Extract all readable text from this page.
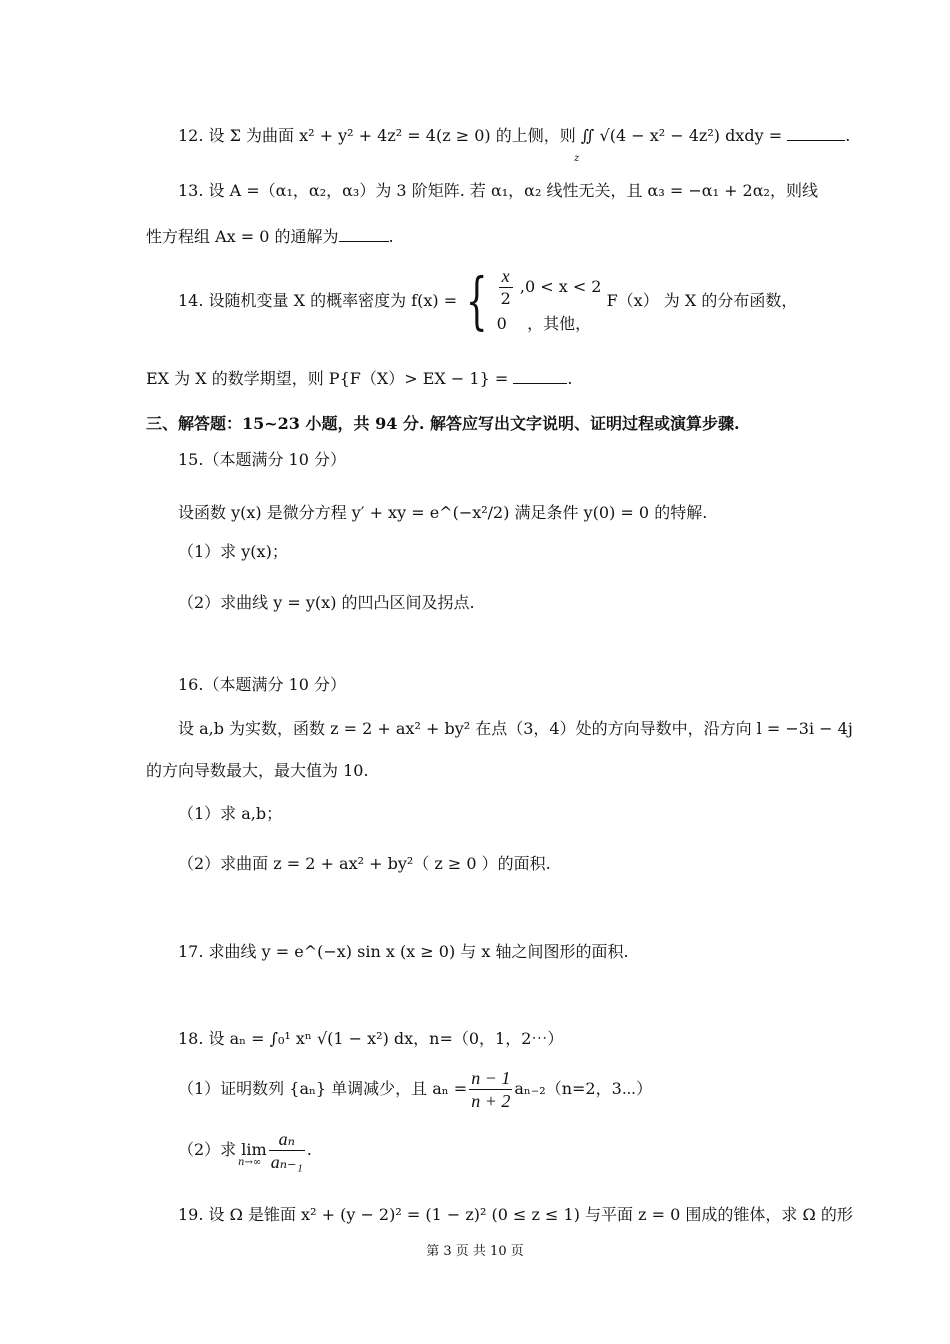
12. 设 Σ 为曲面 x² + y² + 4z² = 4(z ≥ 0) 的上侧，则 ∬ √(4 − x² − 4z²) dxdy =	.
z
13. 设 A =（α₁，α₂，α₃）为 3 阶矩阵. 若 α₁，α₂ 线性无关，且 α₃ = −α₁ + 2α₂，则线
性方程组 Ax = 0 的通解为	.
14.
设随机变量 X 的概率密度为 f(x) = { $\frac{x}{2} ,0 < x < 2$
0 ，其他，

F（x） 为 X 的分布函数，
EX 为 X 的数学期望，则 P{F（X）> EX − 1} =	.
三、解答题：15~23 小题，共 94 分. 解答应写出文字说明、证明过程或演算步骤.
15.（本题满分 10 分）
设函数 y(x) 是微分方程 y′ + xy = e^(−x²/2) 满足条件 y(0) = 0 的特解.
（1）求 y(x)；
（2）求曲线 y = y(x) 的凹凸区间及拐点.
16.（本题满分 10 分）
设 a,b 为实数，函数 z = 2 + ax² + by² 在点（3，4）处的方向导数中，沿方向 l = −3i − 4j
的方向导数最大，最大值为 10.
（1）求 a,b；
（2）求曲面 z = 2 + ax² + by²（ z ≥ 0 ）的面积.
17. 求曲线 y = e^(−x) sin x (x ≥ 0) 与 x 轴之间图形的面积.
18. 设 aₙ = ∫₀¹ xⁿ √(1 − x²) dx，n=（0，1，2⋯）
（1）证明数列 {aₙ} 单调减少，且 $a_n = \frac{n - 1}{n + 2} a_{n-2}(n=2$，3⋯）
（2）求 $\lim \frac{\text{aₙ}}{\text{aₙ₋₁}}$ .
n→∞
19. 设 Ω 是锥面 x² + (y − 2)² = (1 − z)² (0 ≤ z ≤ 1) 与平面 z = 0 围成的锥体，求 Ω 的形
第 3 页 共 10 页
